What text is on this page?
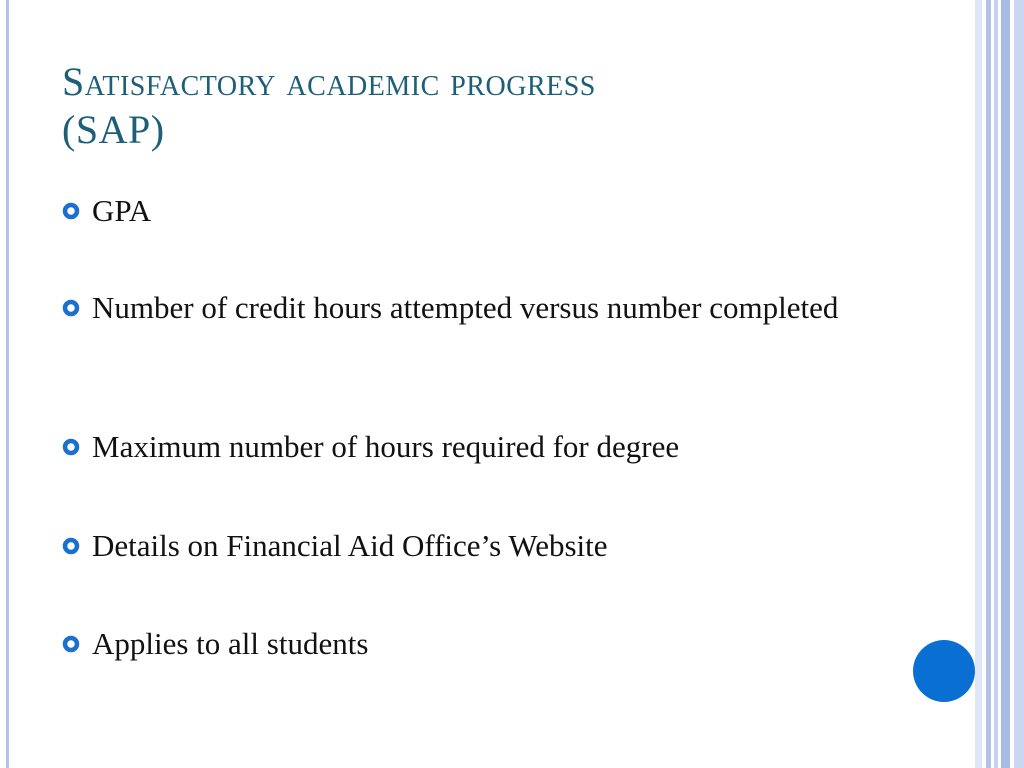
Satisfactory academic progress
(SAP)
GPA
Number of credit hours attempted versus number completed
Maximum number of hours required for degree
Details on Financial Aid Office’s Website
Applies to all students
